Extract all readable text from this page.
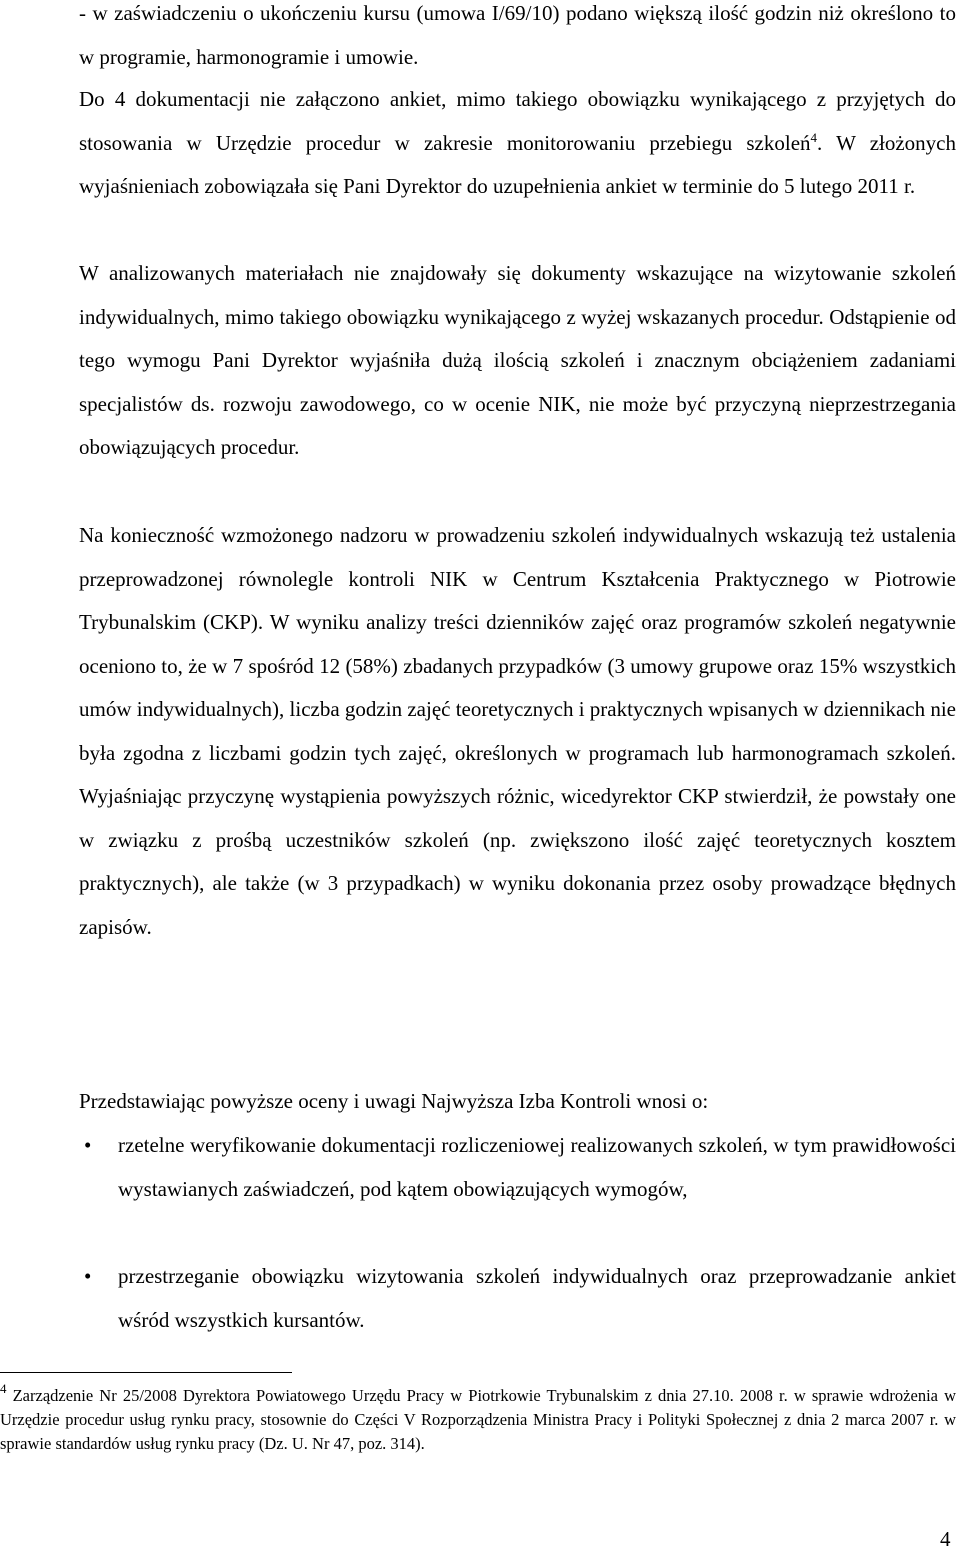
- w zaświadczeniu o ukończeniu kursu (umowa I/69/10) podano większą ilość godzin niż określono to w programie, harmonogramie i umowie.

Do 4 dokumentacji nie załączono ankiet, mimo takiego obowiązku wynikającego z przyjętych do stosowania w Urzędzie procedur w zakresie monitorowaniu przebiegu szkoleń$^4$. W złożonych wyjaśnieniach zobowiązała się Pani Dyrektor do uzupełnienia ankiet w terminie do 5 lutego 2011 r.

W analizowanych materiałach nie znajdowały się dokumenty wskazujące na wizytowanie szkoleń indywidualnych, mimo takiego obowiązku wynikającego z wyżej wskazanych procedur. Odstąpienie od tego wymogu Pani Dyrektor wyjaśniła dużą ilością szkoleń i znacznym obciążeniem zadaniami specjalistów ds. rozwoju zawodowego, co w ocenie NIK, nie może być przyczyną nieprzestrzegania obowiązujących procedur.

Na konieczność wzmożonego nadzoru w prowadzeniu szkoleń indywidualnych wskazują też ustalenia przeprowadzonej równolegle kontroli NIK w Centrum Kształcenia Praktycznego w Piotrowie Trybunalskim (CKP). W wyniku analizy treści dzienników zajęć oraz programów szkoleń negatywnie oceniono to, że w 7 spośród 12 (58%) zbadanych przypadków (3 umowy grupowe oraz 15% wszystkich umów indywidualnych), liczba godzin zajęć teoretycznych i praktycznych wpisanych w dziennikach nie była zgodna z liczbami godzin tych zajęć, określonych w programach lub harmonogramach szkoleń. Wyjaśniając przyczynę wystąpienia powyższych różnic, wicedyrektor CKP stwierdził, że powstały one w związku z prośbą uczestników szkoleń (np. zwiększono ilość zajęć teoretycznych kosztem praktycznych), ale także (w 3 przypadkach) w wyniku dokonania przez osoby prowadzące błędnych zapisów.

Przedstawiając powyższe oceny i uwagi Najwyższa Izba Kontroli wnosi o:

• rzetelne weryfikowanie dokumentacji rozliczeniowej realizowanych szkoleń, w tym prawidłowości wystawianych zaświadczeń, pod kątem obowiązujących wymogów,
• przestrzeganie obowiązku wizytowania szkoleń indywidualnych oraz przeprowadzanie ankiet wśród wszystkich kursantów.

$^4$ Zarządzenie Nr 25/2008 Dyrektora Powiatowego Urzędu Pracy w Piotrkowie Trybunalskim z dnia 27.10. 2008 r. w sprawie wdrożenia w Urzędzie procedur usług rynku pracy, stosownie do Części V Rozporządzenia Ministra Pracy i Polityki Społecznej z dnia 2 marca 2007 r. w sprawie standardów usług rynku pracy (Dz. U. Nr 47, poz. 314).

4
